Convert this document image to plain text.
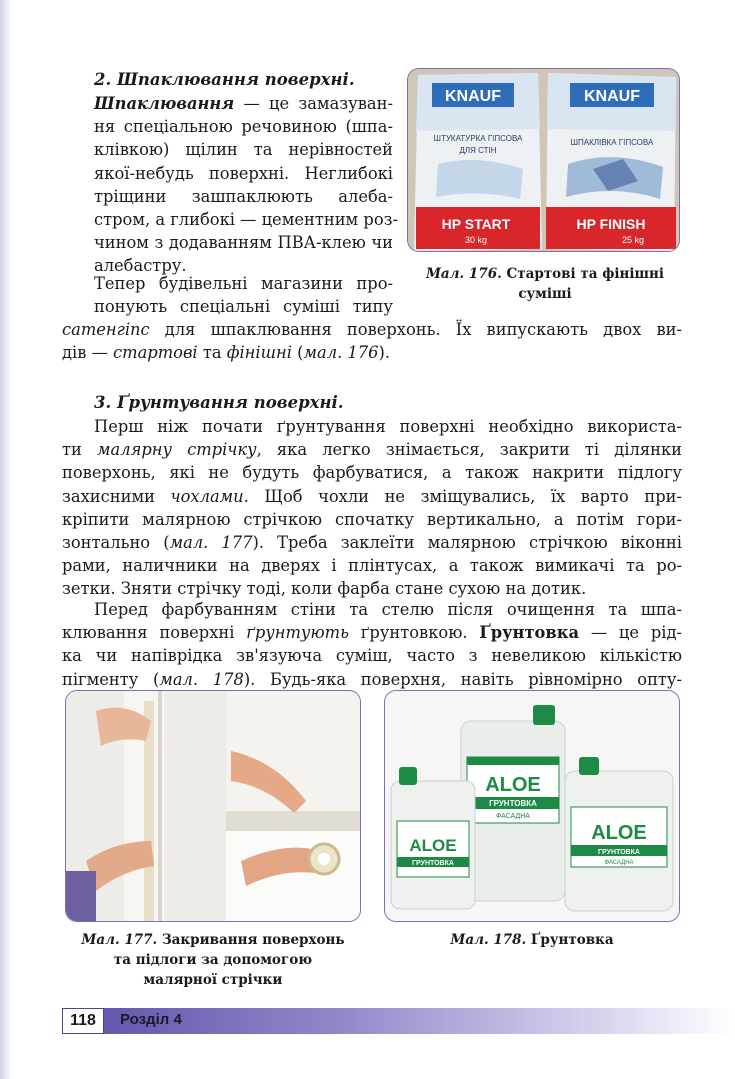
2. Шпаклювання поверхні.
Шпаклювання — це замазуван-
ня спеціальною речовиною (шпа-
клівкою) щілин та нерівностей
якої-небудь поверхні. Неглибокі
тріщини зашпаклюють алеба-
стром, а глибокі — цементним роз-
чином з додаванням ПВА-клею чи
алебастру.
Тепер будівельні магазини про-
понують спеціальні суміші типу
сатенгіпс для шпаклювання поверхонь. Їх випускають двох ви-
дів — стартові та фінішні (мал. 176).
KNAUF
ШТУКАТУРКА ГІПСОВА
ДЛЯ СТІН
HP START
30 kg
KNAUF
ШПАКЛІВКА ГІПСОВА
HP FINISH
25 kg
Мал. 176. Стартові та фінішні
суміші
3. Ґрунтування поверхні.
Перш ніж почати ґрунтування поверхні необхідно використа-
ти малярну стрічку, яка легко знімається, закрити ті ділянки
поверхонь, які не будуть фарбуватися, а також накрити підлогу
захисними чохлами. Щоб чохли не зміщувались, їх варто при-
кріпити малярною стрічкою спочатку вертикально, а потім гори-
зонтально (мал. 177). Треба заклеїти малярною стрічкою віконні
рами, наличники на дверях і плінтусах, а також вимикачі та ро-
зетки. Зняти стрічку тоді, коли фарба стане сухою на дотик.
Перед фарбуванням стіни та стелю після очищення та шпа-
клювання поверхні ґрунтують ґрунтовкою. Ґрунтовка — це рід-
ка чи напіврідка зв'язуюча суміш, часто з невеликою кількістю
пігменту (мал. 178). Будь-яка поверхня, навіть рівномірно опту-
Мал. 177. Закривання поверхонь
та підлоги за допомогою
малярної стрічки
ALOE
ГРУНТОВКА
ФАСАДНА
ALOE
ГРУНТОВКА
ALOE
ГРУНТОВКА
ФАСАДНА
Мал. 178. Ґрунтовка
118	Розділ 4
